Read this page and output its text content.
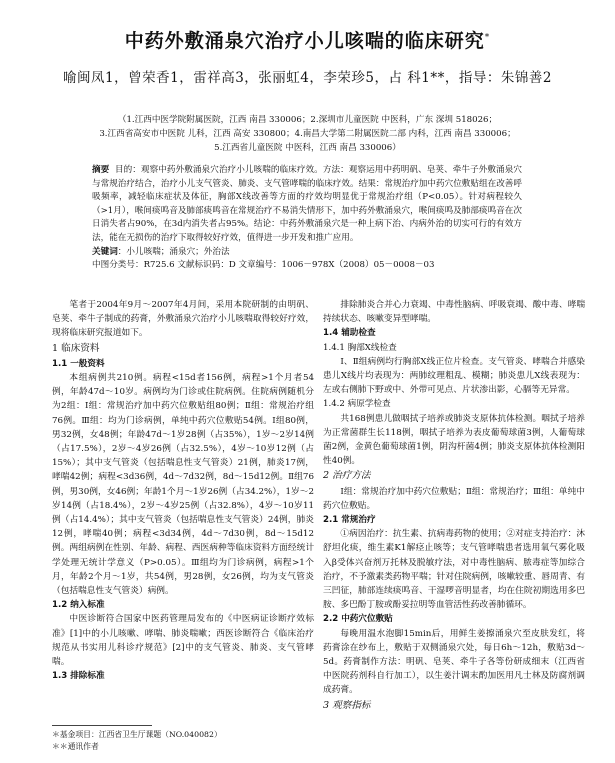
中药外敷涌泉穴治疗小儿咳喘的临床研究*
喻闽凤1，曾荣香1，雷祥高3，张丽虹4，李荣珍5，占 科1**，指导：朱锦善2
（1.江西中医学院附属医院，江西 南昌 330006；2.深圳市儿童医院 中医科，广东 深圳 518026；
3.江西省高安市中医院 儿科，江西 高安 330800；4.南昌大学第二附属医院二部 内科，江西 南昌 330006；
5.江西省儿童医院 中医科，江西 南昌 330006）

摘要 目的：观察中药外敷涌泉穴治疗小儿咳喘的临床疗效。方法：观察运用中药明矾、皂荚、牵牛子外敷涌泉穴与常规治疗结合，治疗小儿支气管炎、肺炎、支气管哮喘的临床疗效。结果：常规治疗加中药穴位敷贴组在改善呼吸频率，减轻临床症状及体征，胸部X线改善等方面的疗效均明显优于常规治疗组（P<0.05）。针对病程较久（>1月），喉间痰鸣音及肺部痰鸣音在常规治疗不易消失情形下，加中药外敷涌泉穴，喉间痰鸣及肺部痰鸣音在次日消失者占90%，在3d内消失者占95%。结论：中药外敷涌泉穴是一种上病下治、内病外治的切实可行的有效方法，能在无损伤的治疗下取得较好疗效，值得进一步开发和推广应用。

关键词：小儿咳喘；涌泉穴；外治法

中图分类号：R725.6 文献标识码：D 文章编号：1006－978X（2008）05－0008－03

笔者于2004年9月～2007年4月间，采用本院研制的由明矾、皂荚、牵牛子制成的药膏，外敷涌泉穴治疗小儿咳喘取得较好疗效，现将临床研究报道如下。

1 临床资料

1.1 一般资料

本组病例共210例。病程<15d者156例，病程>1个月者54例，年龄47d～10岁。病例均为门诊或住院病例。住院病例随机分为2组：Ⅰ组：常规治疗加中药穴位敷贴组80例；Ⅱ组：常规治疗组76例。Ⅲ组：均为门诊病例，单纯中药穴位敷贴54例。Ⅰ组80例，男32例，女48例；年龄47d～1岁28例（占35%），1岁～2岁14例（占17.5%），2岁～4岁26例（占32.5%），4岁～10岁12例（占15%）；其中支气管炎（包括喘息性支气管炎）21例，肺炎17例，哮喘42例；病程<3d36例，4d～7d32例，8d～15d12例。Ⅱ组76例，男30例，女46例；年龄1个月～1岁26例（占34.2%），1岁～2岁14例（占18.4%），2岁～4岁25例（占32.8%），4岁～10岁11例（占14.4%）；其中支气管炎（包括喘息性支气管炎）24例，肺炎12例，哮喘40例；病程<3d34例，4d～7d30例，8d～15d12例。两组病例在性别、年龄、病程、西医病种等临床资料方面经统计学处理无统计学意义（P>0.05）。Ⅲ组均为门诊病例，病程>1个月，年龄2个月～1岁，共54例，男28例，女26例，均为支气管炎（包括喘息性支气管炎）病例。

1.2 纳入标准

中医诊断符合国家中医药管理局发布的《中医病证诊断疗效标准》[1]中的小儿咳嗽、哮喘、肺炎喘嗽；西医诊断符合《临床治疗规范从书实用儿科诊疗规范》[2]中的支气管炎、肺炎、支气管哮喘。

1.3 排除标准

排除肺炎合并心力衰竭、中毒性脑病、呼吸衰竭、酸中毒、哮喘持续状态、咳嗽变异型哮喘。

1.4 辅助检查

1.4.1 胸部X线检查

Ⅰ、Ⅱ组病例均行胸部X线正位片检查。支气管炎、哮喘合并感染患儿X线片均表现为：两肺纹理粗乱、模糊；肺炎患儿X线表现为：左或右侧肺下野或中、外带可见点、片状渗出影，心膈等无异常。

1.4.2 病原学检查

共168例患儿做咽拭子培养或肺炎支原体抗体检测。咽拭子培养为正常菌群生长118例，咽拭子培养为表皮葡萄球菌3例，人葡萄球菌2例，金黄色葡萄球菌1例，阴沟杆菌4例；肺炎支原体抗体检测阳性40例。

2 治疗方法

Ⅰ组：常规治疗加中药穴位敷贴；Ⅱ组：常规治疗；Ⅲ组：单纯中药穴位敷贴。

2.1 常规治疗

①病因治疗：抗生素、抗病毒药物的使用；②对症支持治疗：沐舒坦化痰，维生素K1解痉止咳等；支气管哮喘患者选用氧气雾化吸入β受体兴奋剂万托林及脱敏疗法，对中毒性脑病、脓毒症等加综合治疗，不予激素类药物平喘；针对住院病例，咳嗽较重、唇周青、有三凹征，肺部连续痰鸣音、干湿啰音明显者，均在住院初期选用多巴胺、多巴酚丁胺或酚妥拉明等血管活性药改善肺循环。

2.2 中药穴位敷贴

每晚用温水泡脚15min后，用鲜生姜擦涌泉穴至皮肤发红，将药膏涂在纱布上，敷贴于双侧涌泉穴处，每日6h～12h，敷贴3d～5d。药膏制作方法：明矾、皂荚、牵牛子各等份研成细末（江西省中医院药剂科自行加工），以生姜汁调末酌加医用凡士林及防腐剂调成药膏。

3 观察指标

＊基金项目：江西省卫生厅课题（NO.040082）
＊＊通讯作者
